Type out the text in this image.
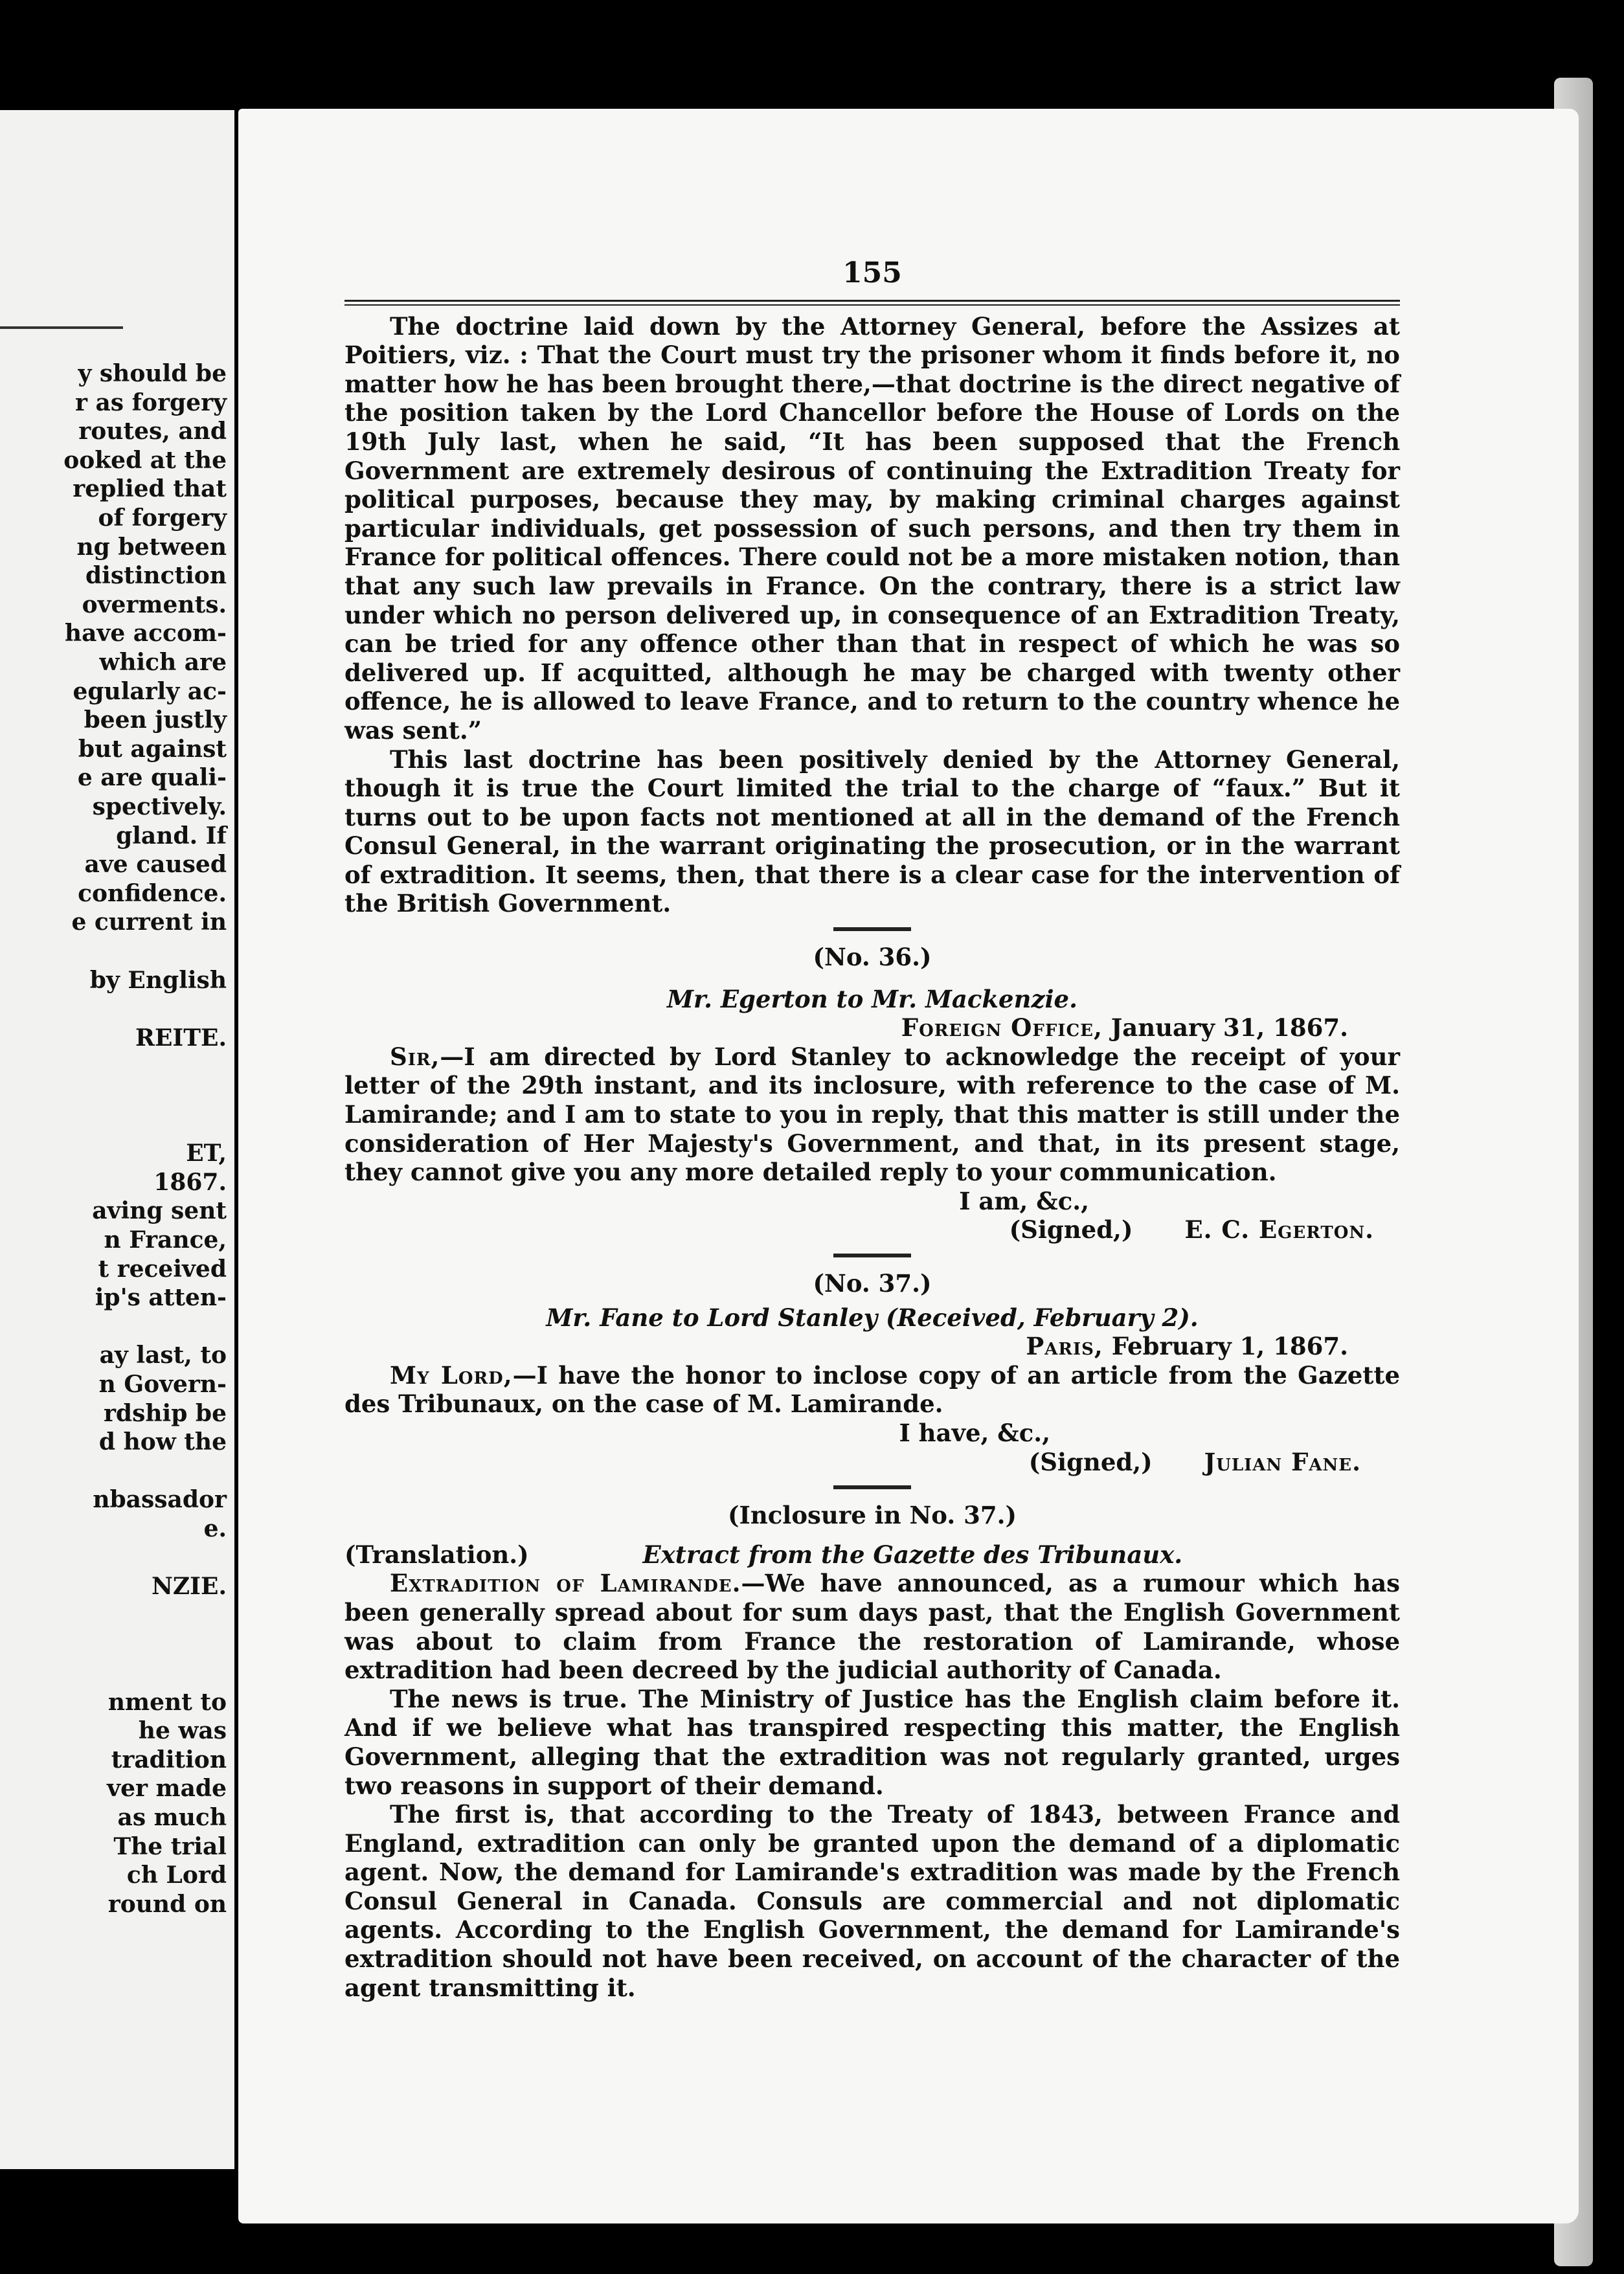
y should be
r as forgery
routes, and
ooked at the
replied that
of forgery
ng between
distinction
overments.
have accom-
which are
egularly ac-
been justly
but against
e are quali-
spectively.
gland. If
ave caused
confidence.
e current in
by English
REITE.
ET,
1867.
aving sent
n France,
t received
ip's atten-
ay last, to
n Govern-
rdship be
d how the
nbassador
e.
NZIE.
nment to
he was
tradition
ver made
as much
The trial
ch Lord
round on
155

The doctrine laid down by the Attorney General, before the Assizes at Poitiers, viz. : That the Court must try the prisoner whom it finds before it, no matter how he has been brought there,—that doctrine is the direct negative of the position taken by the Lord Chancellor before the House of Lords on the 19th July last, when he said, “It has been supposed that the French Government are extremely desirous of continuing the Extradition Treaty for political purposes, because they may, by making criminal charges against particular individuals, get possession of such persons, and then try them in France for political offences. There could not be a more mistaken notion, than that any such law prevails in France. On the contrary, there is a strict law under which no person delivered up, in consequence of an Extradition Treaty, can be tried for any offence other than that in respect of which he was so delivered up. If acquitted, although he may be charged with twenty other offence, he is allowed to leave France, and to return to the country whence he was sent.”

This last doctrine has been positively denied by the Attorney General, though it is true the Court limited the trial to the charge of “faux.” But it turns out to be upon facts not mentioned at all in the demand of the French Consul General, in the warrant originating the prosecution, or in the warrant of extradition. It seems, then, that there is a clear case for the intervention of the British Government.

(No. 36.)
Mr. Egerton to Mr. Mackenzie.
Foreign Office, January 31, 1867.

Sir,—I am directed by Lord Stanley to acknowledge the receipt of your letter of the 29th instant, and its inclosure, with reference to the case of M. Lamirande; and I am to state to you in reply, that this matter is still under the consideration of Her Majesty's Government, and that, in its present stage, they cannot give you any more detailed reply to your communication.

I am, &c.,
(Signed,) E. C. Egerton.
(No. 37.)
Mr. Fane to Lord Stanley (Received, February 2).
Paris, February 1, 1867.

My Lord,—I have the honor to inclose copy of an article from the Gazette des Tribunaux, on the case of M. Lamirande.

I have, &c.,
(Signed,) Julian Fane.
(Inclosure in No. 37.)
(Translation.)	Extract from the Gazette des Tribunaux.

Extradition of Lamirande.—We have announced, as a rumour which has been generally spread about for sum days past, that the English Government was about to claim from France the restoration of Lamirande, whose extradition had been decreed by the judicial authority of Canada.

The news is true. The Ministry of Justice has the English claim before it. And if we believe what has transpired respecting this matter, the English Government, alleging that the extradition was not regularly granted, urges two reasons in support of their demand.

The first is, that according to the Treaty of 1843, between France and England, extradition can only be granted upon the demand of a diplomatic agent. Now, the demand for Lamirande's extradition was made by the French Consul General in Canada. Consuls are commercial and not diplomatic agents. According to the English Government, the demand for Lamirande's extradition should not have been received, on account of the character of the agent transmitting it.
